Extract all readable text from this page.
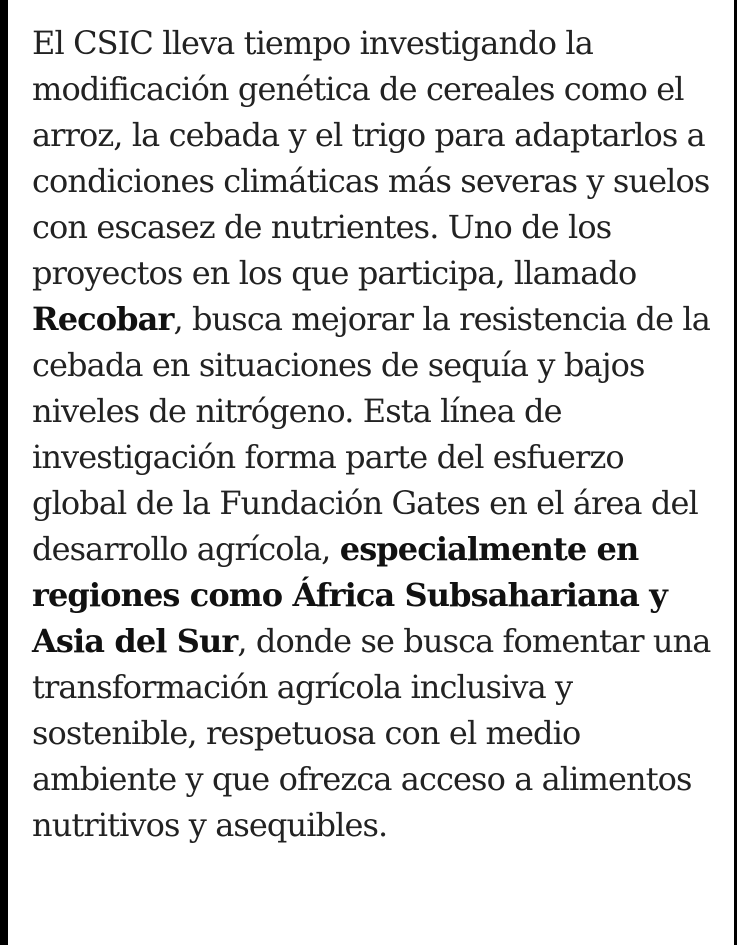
El CSIC lleva tiempo investigando la modificación genética de cereales como el arroz, la cebada y el trigo para adaptarlos a condiciones climáticas más severas y suelos con escasez de nutrientes. Uno de los proyectos en los que participa, llamado Recobar, busca mejorar la resistencia de la cebada en situaciones de sequía y bajos niveles de nitrógeno. Esta línea de investigación forma parte del esfuerzo global de la Fundación Gates en el área del desarrollo agrícola, especialmente en regiones como África Subsahariana y Asia del Sur, donde se busca fomentar una transformación agrícola inclusiva y sostenible, respetuosa con el medio ambiente y que ofrezca acceso a alimentos nutritivos y asequibles.
